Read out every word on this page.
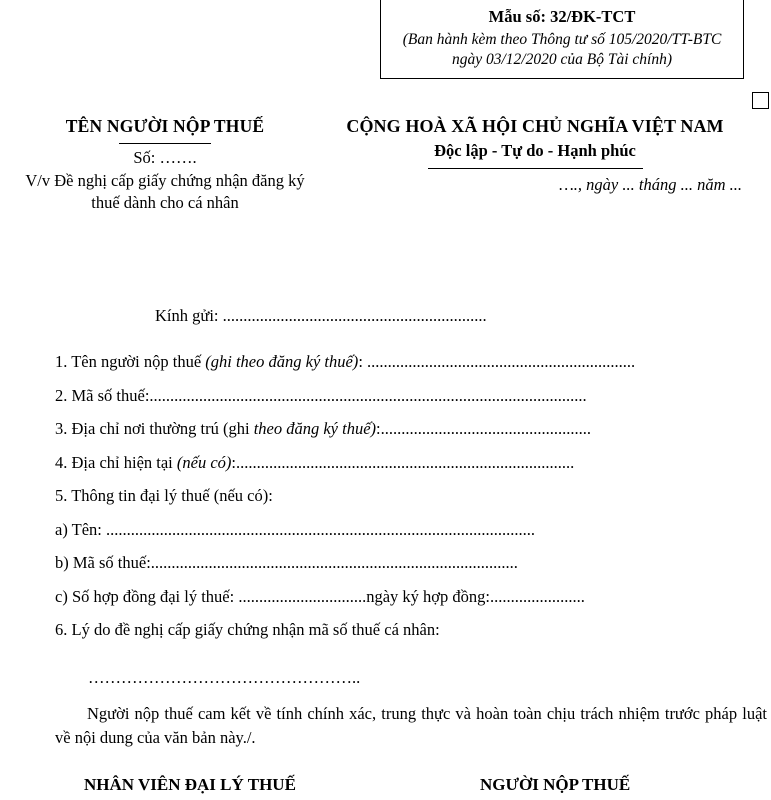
Mẫu số: 32/ĐK-TCT
(Ban hành kèm theo Thông tư số 105/2020/TT-BTC ngày 03/12/2020 của Bộ Tài chính)
TÊN NGƯỜI NỘP THUẾ
Số: …….
V/v Đề nghị cấp giấy chứng nhận đăng ký thuế dành cho cá nhân
CỘNG HOÀ XÃ HỘI CHỦ NGHĨA VIỆT NAM
Độc lập - Tự do - Hạnh phúc
…., ngày ... tháng ... năm ...
Kính gửi: ................................................................
1. Tên người nộp thuế (ghi theo đăng ký thuế): .................................................................
2. Mã số thuế:..........................................................................................................
3. Địa chỉ nơi thường trú (ghi theo đăng ký thuế):...................................................
4. Địa chỉ hiện tại (nếu có):..................................................................................
5. Thông tin đại lý thuế (nếu có):
a) Tên: ........................................................................................................
b) Mã số thuế:.........................................................................................
c) Số hợp đồng đại lý thuế: ...............................ngày ký hợp đồng:.......................
6. Lý do đề nghị cấp giấy chứng nhận mã số thuế cá nhân:
…………………………………………..
Người nộp thuế cam kết về tính chính xác, trung thực và hoàn toàn chịu trách nhiệm trước pháp luật về nội dung của văn bản này./.
NHÂN VIÊN ĐẠI LÝ THUẾ	NGƯỜI NỘP THUẾ
